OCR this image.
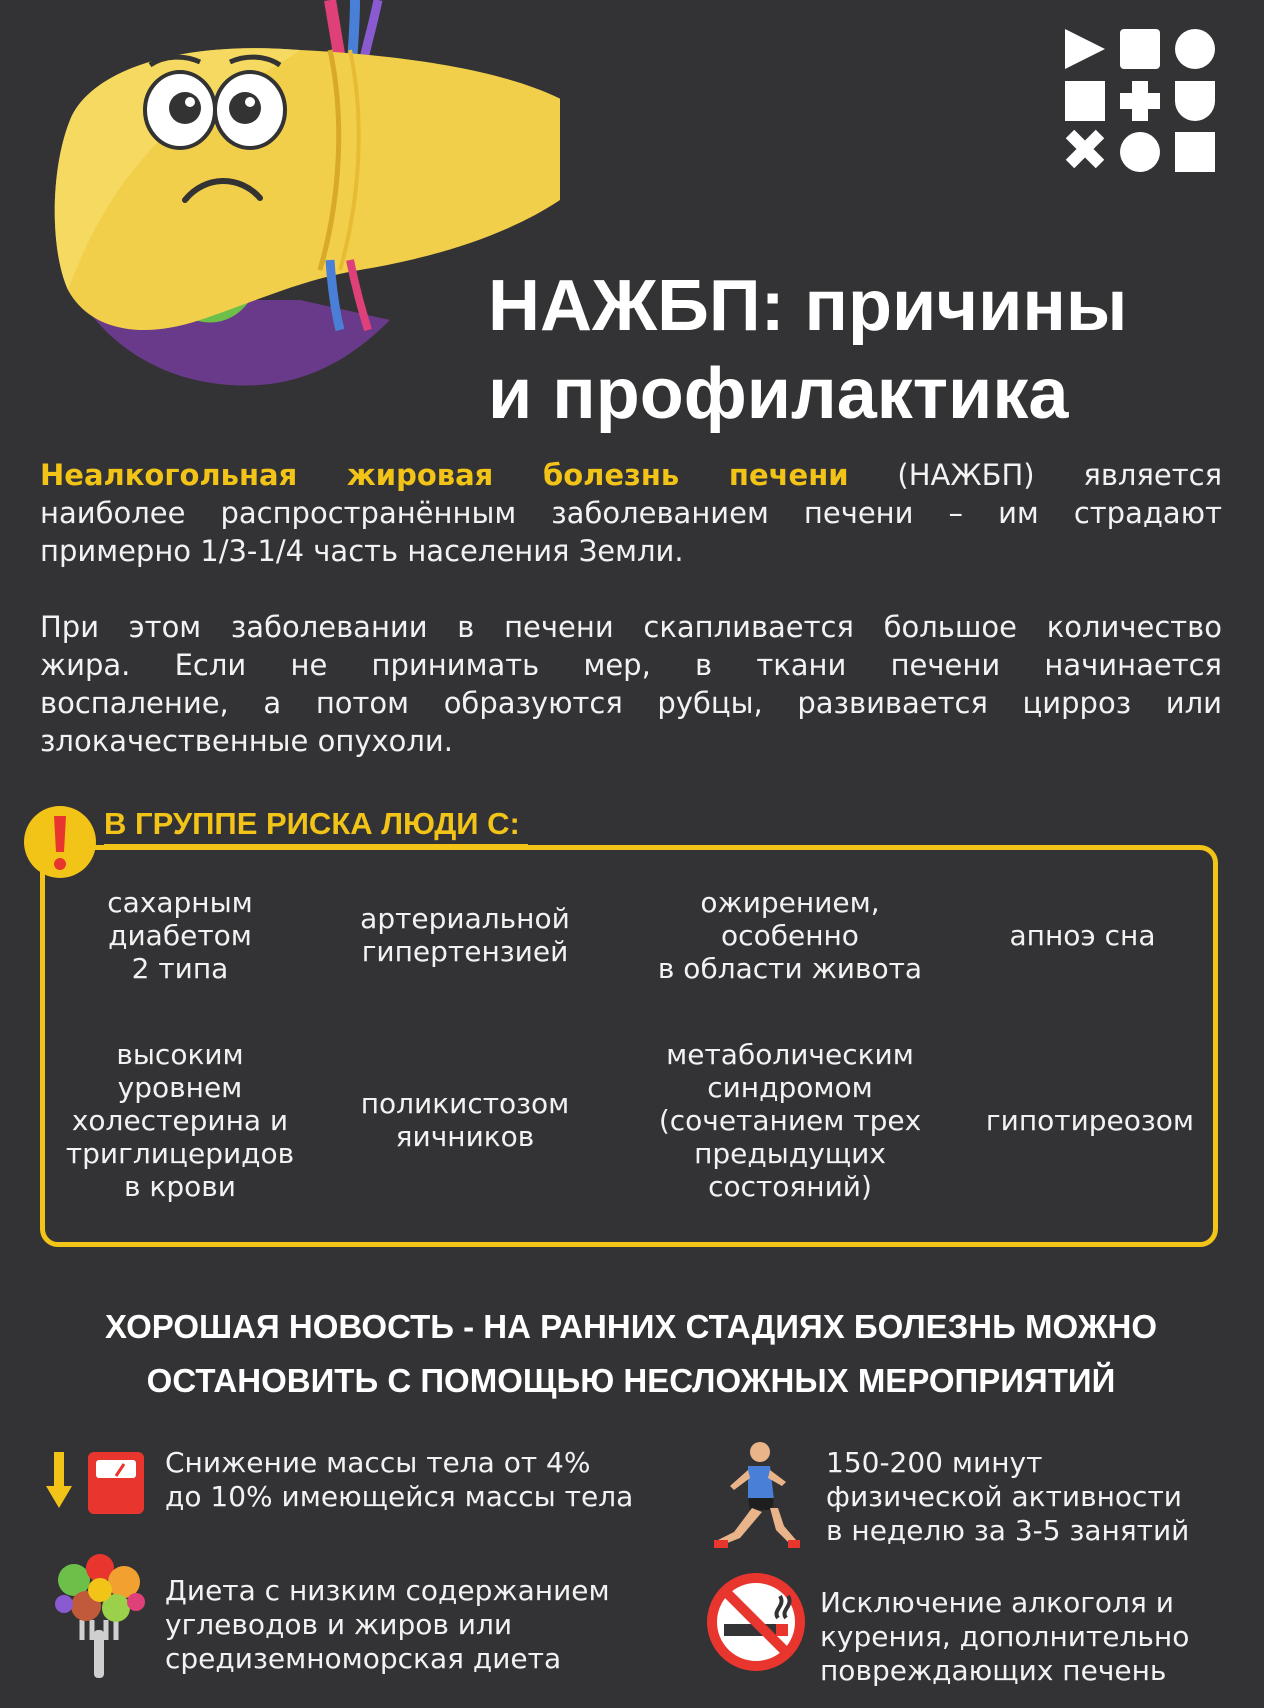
НАЖБП: причины
и профилактика
Неалкогольная жировая болезнь печени (НАЖБП) является
наиболее распространённым заболеванием печени – им страдают
примерно 1/3-1/4 часть населения Земли.
При этом заболевании в печени скапливается большое количество
жира. Если не принимать мер, в ткани печени начинается
воспаление, а потом образуются рубцы, развивается цирроз или
злокачественные опухоли.
В ГРУППЕ РИСКА ЛЮДИ С:
сахарным
диабетом
2 типа
артериальной
гипертензией
ожирением,
особенно
в области живота
апноэ сна
высоким
уровнем
холестерина и
триглицеридов
в крови
поликистозом
яичников
метаболическим
синдромом
(сочетанием трех
предыдущих
состояний)
гипотиреозом
ХОРОШАЯ НОВОСТЬ - НА РАННИХ СТАДИЯХ БОЛЕЗНЬ МОЖНО
ОСТАНОВИТЬ С ПОМОЩЬЮ НЕСЛОЖНЫХ МЕРОПРИЯТИЙ
Снижение массы тела от 4%
до 10% имеющейся массы тела
150-200 минут
физической активности
в неделю за 3-5 занятий
Диета с низким содержанием
углеводов и жиров или
средиземноморская диета
Исключение алкоголя и
курения, дополнительно
повреждающих печень
